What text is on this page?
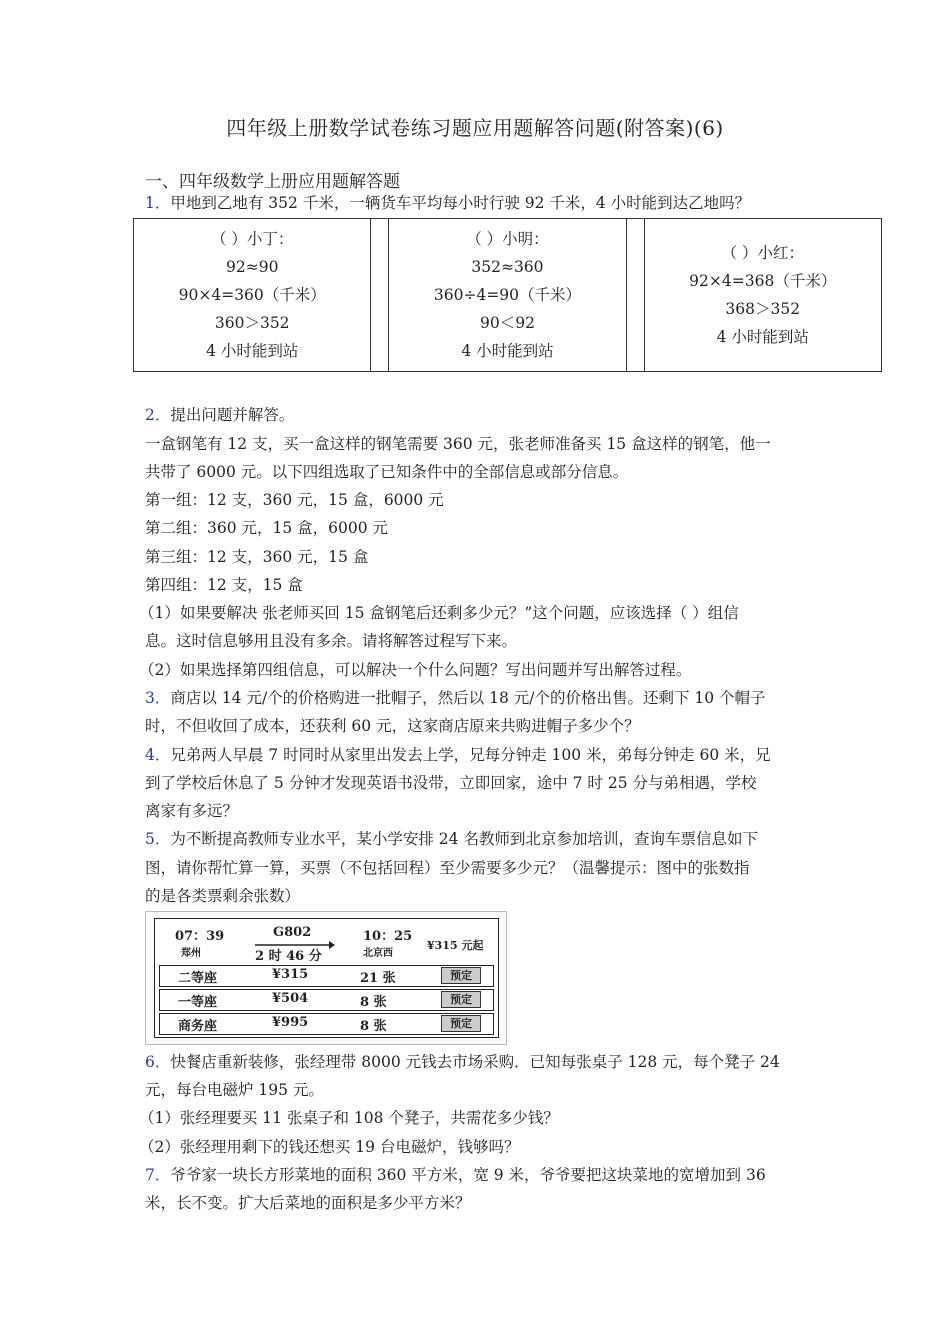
四年级上册数学试卷练习题应用题解答问题(附答案)(6)
一、四年级数学上册应用题解答题
1．甲地到乙地有 352 千米，一辆货车平均每小时行驶 92 千米，4 小时能到达乙地吗？
（ ）小丁：
92≈90
90×4=360（千米）
360＞352
4 小时能到站

（ ）小明：
352≈360
360÷4=90（千米）
90＜92
4 小时能到站

（ ）小红：
92×4=368（千米）
368＞352
4 小时能到站
2．提出问题并解答。
一盒钢笔有 12 支，买一盒这样的钢笔需要 360 元，张老师准备买 15 盒这样的钢笔，他一
共带了 6000 元。以下四组选取了已知条件中的全部信息或部分信息。
第一组：12 支，360 元，15 盒，6000 元
第二组：360 元，15 盒，6000 元
第三组：12 支，360 元，15 盒
第四组：12 支，15 盒
（1）如果要解决 张老师买回 15 盒钢笔后还剩多少元？”这个问题，应该选择（ ）组信
息。这时信息够用且没有多余。请将解答过程写下来。
（2）如果选择第四组信息，可以解决一个什么问题？写出问题并写出解答过程。
3．商店以 14 元/个的价格购进一批帽子，然后以 18 元/个的价格出售。还剩下 10 个帽子
时，不但收回了成本，还获利 60 元，这家商店原来共购进帽子多少个？
4．兄弟两人早晨 7 时同时从家里出发去上学，兄每分钟走 100 米，弟每分钟走 60 米，兄
到了学校后休息了 5 分钟才发现英语书没带，立即回家，途中 7 时 25 分与弟相遇，学校
离家有多远？
5．为不断提高教师专业水平，某小学安排 24 名教师到北京参加培训，查询车票信息如下
图，请你帮忙算一算，买票（不包括回程）至少需要多少元？（温馨提示：图中的张数指
的是各类票剩余张数）
07：39
郑州
G802
2 时 46 分
10：25
北京西
¥315 元起
二等座	¥315	21 张	预定
一等座	¥504	8 张	预定
商务座	¥995	8 张	预定
6．快餐店重新装修，张经理带 8000 元钱去市场采购．已知每张桌子 128 元，每个凳子 24
元，每台电磁炉 195 元。
（1）张经理要买 11 张桌子和 108 个凳子，共需花多少钱？
（2）张经理用剩下的钱还想买 19 台电磁炉，钱够吗？
7．爷爷家一块长方形菜地的面积 360 平方米，宽 9 米，爷爷要把这块菜地的宽增加到 36
米，长不变。扩大后菜地的面积是多少平方米？
